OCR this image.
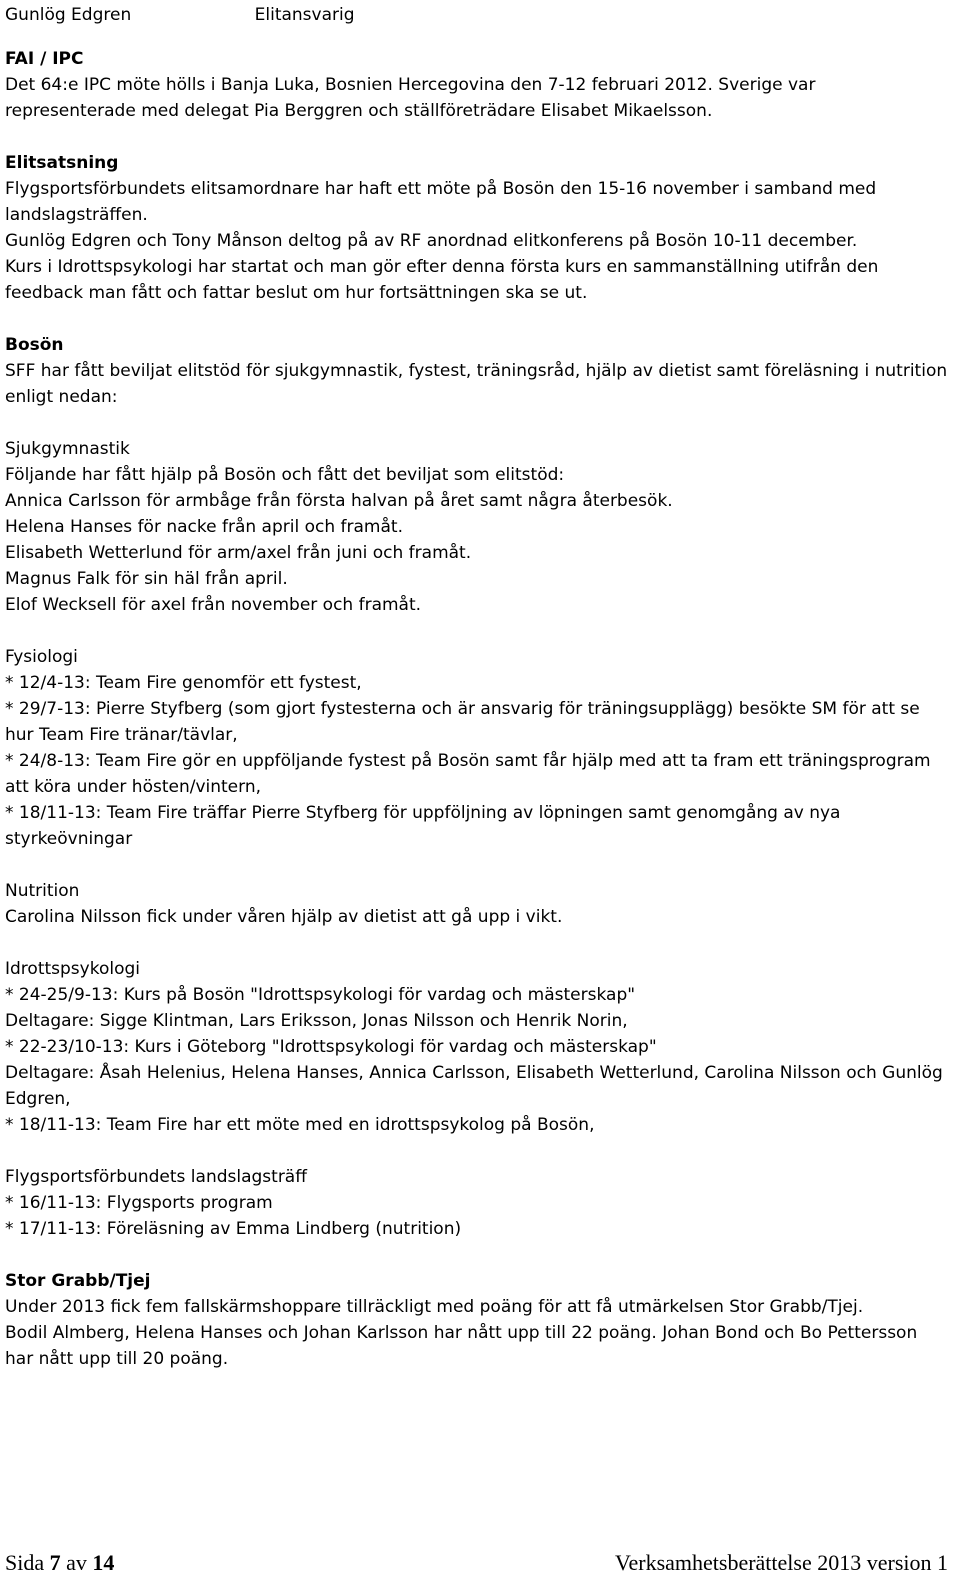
Gunlög Edgren	Elitansvarig

FAI / IPC

Det 64:e IPC möte hölls i Banja Luka, Bosnien Hercegovina den 7-12 februari 2012. Sverige var representerade med delegat Pia Berggren och ställföreträdare Elisabet Mikaelsson.

Elitsatsning

Flygsportsförbundets elitsamordnare har haft ett möte på Bosön den 15-16 november i samband med landslagsträffen.

Gunlög Edgren och Tony Månson deltog på av RF anordnad elitkonferens på Bosön 10-11 december.

Kurs i Idrottspsykologi har startat och man gör efter denna första kurs en sammanställning utifrån den feedback man fått och fattar beslut om hur fortsättningen ska se ut.

Bosön

SFF har fått beviljat elitstöd för sjukgymnastik, fystest, träningsråd, hjälp av dietist samt föreläsning i nutrition enligt nedan:

Sjukgymnastik

Följande har fått hjälp på Bosön och fått det beviljat som elitstöd:

Annica Carlsson för armbåge från första halvan på året samt några återbesök.

Helena Hanses för nacke från april och framåt.

Elisabeth Wetterlund för arm/axel från juni och framåt.

Magnus Falk för sin häl från april.

Elof Wecksell för axel från november och framåt.

Fysiologi

* 12/4-13: Team Fire genomför ett fystest,

* 29/7-13: Pierre Styfberg (som gjort fystesterna och är ansvarig för träningsupplägg) besökte SM för att se hur Team Fire tränar/tävlar,

* 24/8-13: Team Fire gör en uppföljande fystest på Bosön samt får hjälp med att ta fram ett träningsprogram att köra under hösten/vintern,

* 18/11-13: Team Fire träffar Pierre Styfberg för uppföljning av löpningen samt genomgång av nya styrkeövningar

Nutrition

Carolina Nilsson fick under våren hjälp av dietist att gå upp i vikt.

Idrottspsykologi

* 24-25/9-13: Kurs på Bosön "Idrottspsykologi för vardag och mästerskap"

Deltagare: Sigge Klintman, Lars Eriksson, Jonas Nilsson och Henrik Norin,

* 22-23/10-13: Kurs i Göteborg "Idrottspsykologi för vardag och mästerskap"

Deltagare: Åsah Helenius, Helena Hanses, Annica Carlsson, Elisabeth Wetterlund, Carolina Nilsson och Gunlög Edgren,

* 18/11-13: Team Fire har ett möte med en idrottspsykolog på Bosön,

Flygsportsförbundets landslagsträff

* 16/11-13: Flygsports program

* 17/11-13: Föreläsning av Emma Lindberg (nutrition)

Stor Grabb/Tjej

Under 2013 fick fem fallskärmshoppare tillräckligt med poäng för att få utmärkelsen Stor Grabb/Tjej.

Bodil Almberg, Helena Hanses och Johan Karlsson har nått upp till 22 poäng. Johan Bond och Bo Pettersson har nått upp till 20 poäng.

Sida 7 av 14	Verksamhetsberättelse 2013 version 1
